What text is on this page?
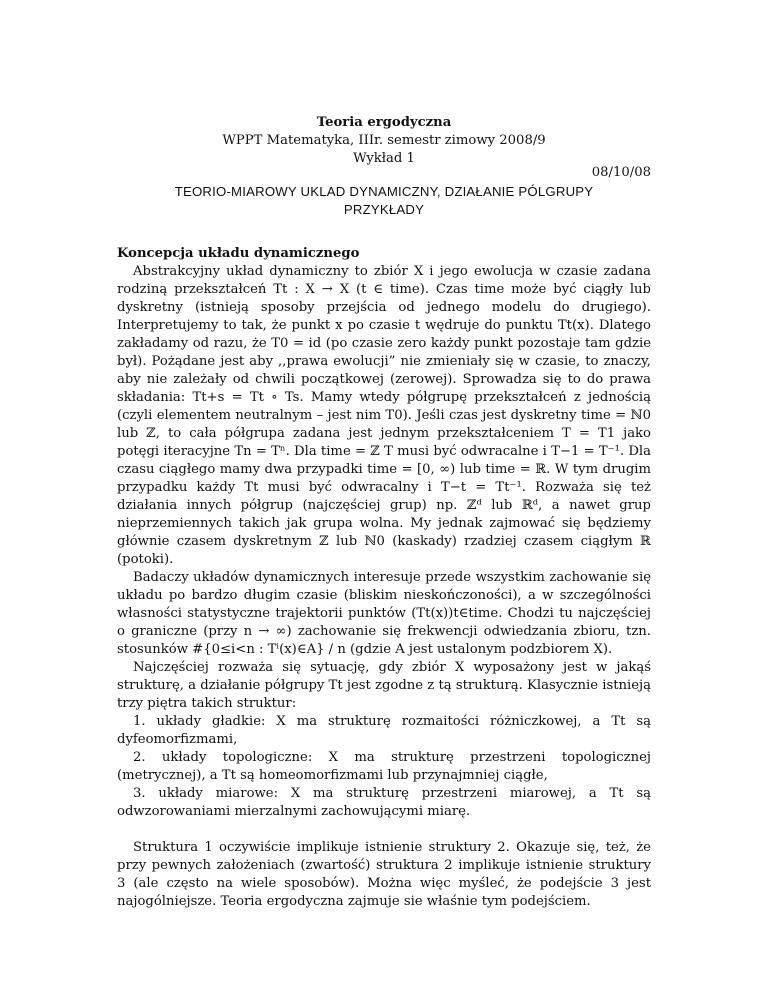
Teoria ergodyczna
WPPT Matematyka, IIIr. semestr zimowy 2008/9
Wykład 1
08/10/08
TEORIO-MIAROWY UKLAD DYNAMICZNY, DZIAŁANIE PÓLGRUPY
PRZYKŁADY

Koncepcja układu dynamicznego

Abstrakcyjny układ dynamiczny to zbiór X i jego ewolucja w czasie zadana rodziną przekształceń Tt : X → X (t ∈ time). Czas time może być ciągły lub dyskretny (istnieją sposoby przejścia od jednego modelu do drugiego). Interpretujemy to tak, że punkt x po czasie t wędruje do punktu Tt(x). Dlatego zakładamy od razu, że T0 = id (po czasie zero każdy punkt pozostaje tam gdzie był). Pożądane jest aby ,,prawa ewolucji” nie zmieniały się w czasie, to znaczy, aby nie zależały od chwili początkowej (zerowej). Sprowadza się to do prawa składania: Tt+s = Tt ∘ Ts. Mamy wtedy półgrupę przekształceń z jednością (czyli elementem neutralnym – jest nim T0). Jeśli czas jest dyskretny time = ℕ0 lub ℤ, to cała półgrupa zadana jest jednym przekształceniem T = T1 jako potęgi iteracyjne Tn = Tⁿ. Dla time = ℤ T musi być odwracalne i T−1 = T⁻¹. Dla czasu ciągłego mamy dwa przypadki time = [0, ∞) lub time = ℝ. W tym drugim przypadku każdy Tt musi być odwracalny i T−t = Tt⁻¹. Rozważa się też działania innych półgrup (najczęściej grup) np. ℤᵈ lub ℝᵈ, a nawet grup nieprzemiennych takich jak grupa wolna. My jednak zajmować się będziemy głównie czasem dyskretnym ℤ lub ℕ0 (kaskady) rzadziej czasem ciągłym ℝ (potoki).

Badaczy układów dynamicznych interesuje przede wszystkim zachowanie się układu po bardzo długim czasie (bliskim nieskończoności), a w szczególności własności statystyczne trajektorii punktów (Tt(x))t∈time. Chodzi tu najczęściej o graniczne (przy n → ∞) zachowanie się frekwencji odwiedzania zbioru, tzn. stosunków #{0≤i<n : Tⁱ(x)∈A} / n (gdzie A jest ustalonym podzbiorem X).

Najczęściej rozważa się sytuację, gdy zbiór X wyposażony jest w jakąś strukturę, a działanie półgrupy Tt jest zgodne z tą strukturą. Klasycznie istnieją trzy piętra takich struktur:

1. układy gładkie: X ma strukturę rozmaitości różniczkowej, a Tt są dyfeomorfizmami,

2. układy topologiczne: X ma strukturę przestrzeni topologicznej (metrycznej), a Tt są homeomorfizmami lub przynajmniej ciągłe,

3. układy miarowe: X ma strukturę przestrzeni miarowej, a Tt są odwzorowaniami mierzalnymi zachowującymi miarę.

Struktura 1 oczywiście implikuje istnienie struktury 2. Okazuje się, też, że przy pewnych założeniach (zwartość) struktura 2 implikuje istnienie struktury 3 (ale często na wiele sposobów). Można więc myśleć, że podejście 3 jest najogólniejsze. Teoria ergodyczna zajmuje sie właśnie tym podejściem.
